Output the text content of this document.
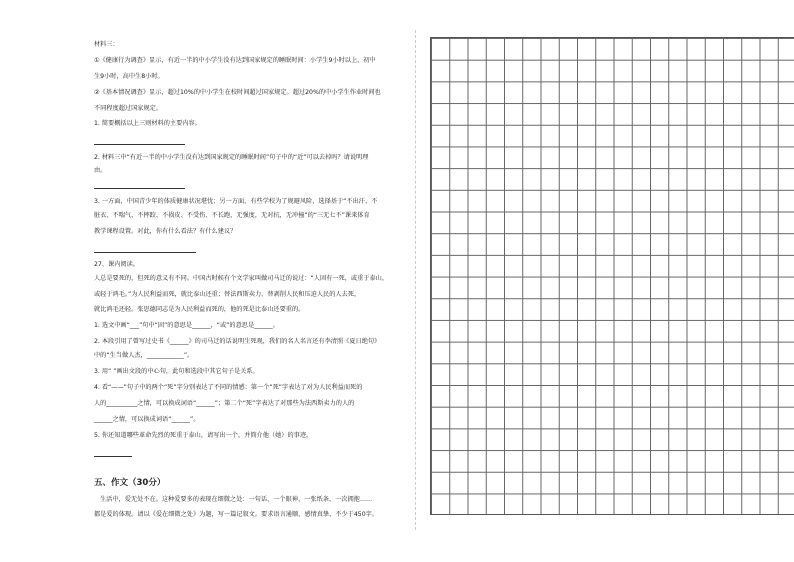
材料三：
①《健康行为调查》显示，有近一半的中小学生没有达到国家规定的睡眠时间：小学生9小时以上，初中
生9小时，高中生8小时。
②《基本情况调查》显示，超过10%的中小学生在校时间超过国家规定。超过20%的中小学生作业时间也
不同程度超过国家规定。
1. 简要概括以上三则材料的主要内容。
2. 材料三中“有近一半的中小学生没有达到国家规定的睡眠时间”句子中的“近”可以去掉吗？请说明理
由。
3. 一方面，中国青少年的体质健康状况堪忧；另一方面，有些学校为了规避风险，选择基于“不出汗、不
脏衣、不喘气、不摔跤、不损皮、不受伤、不长跑，无强度，无对抗，无冲撞”的“三无七不”课来体育
教学课程设置。对此，你有什么看法？有什么建议？
27、课内阅读。
人总是要死的，但死的意义有不同。中国古时候有个文学家叫做司马迁的说过：“人固有一死，或重于泰山，
或轻于鸿毛。”为人民利益而死，就比泰山还重；替法西斯卖力，替剥削人民和压迫人民的人去死，
就比鸿毛还轻。张思德同志是为人民利益而死的，他的死是比泰山还要重的。
1. 选文中画“___”句中“固”的意思是______，“或”的意思是______。
2. 本段引用了曾写过史书《______》的司马迁的话说明生死观，我们的名人名言还有李清照《夏日绝句》
中的“生当做人杰，____________”。
3. 用“ ”画出文段的中心句，此句和选段中其它句子是关系。
4. 看“——”句子中的两个“死”字分别表达了不同的情感：第一个“死”字表达了对为人民利益而死的
人的__________之情，可以换成词语“______”；第二个“死”字表达了对那些为法西斯卖力的人的
______之情，可以换成词语“______”。
5. 你还知道哪些革命先烈的死重于泰山，请写出一个，并简介他（她）的事迹。
五、作文（30分）
生活中，爱无处不在。这种爱要多的表现在细微之处：一句话、一个眼神、一张纸条、一次拥抱……
都是爱的体现。请以《爱在细微之处》为题，写一篇记叙文。要求语言通顺，感情真挚，不少于450字。
